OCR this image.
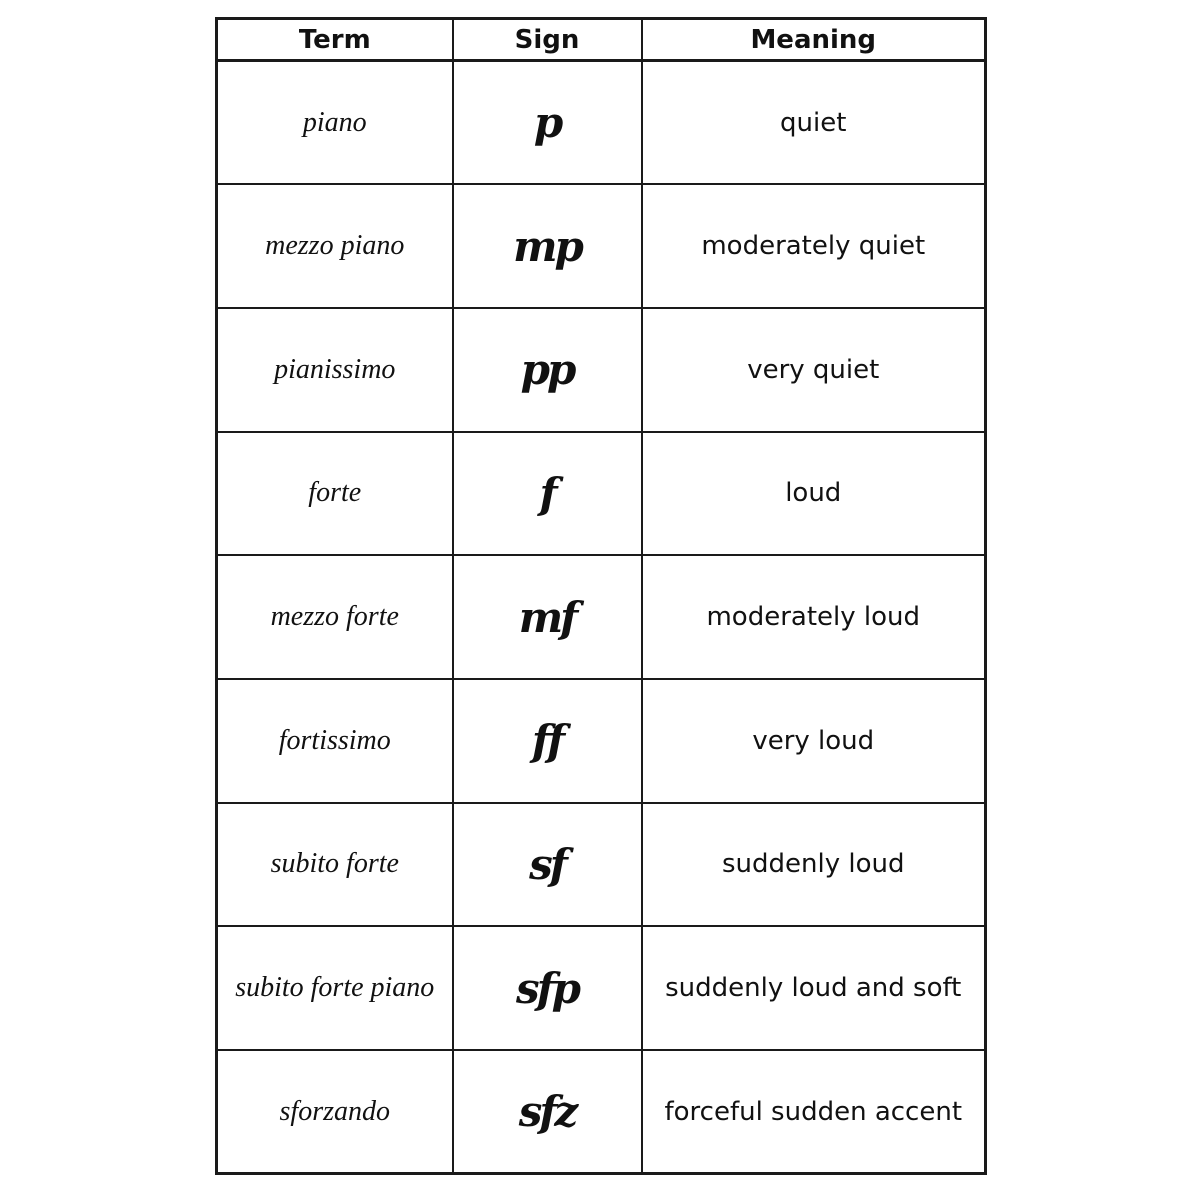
Term	Sign	Meaning
piano	p	quiet
mezzo piano	mp	moderately quiet
pianissimo	pp	very quiet
forte	f	loud
mezzo forte	mf	moderately loud
fortissimo	ff	very loud
subito forte	sf	suddenly loud
subito forte piano	sfp	suddenly loud and soft
sforzando	sfz	forceful sudden accent
